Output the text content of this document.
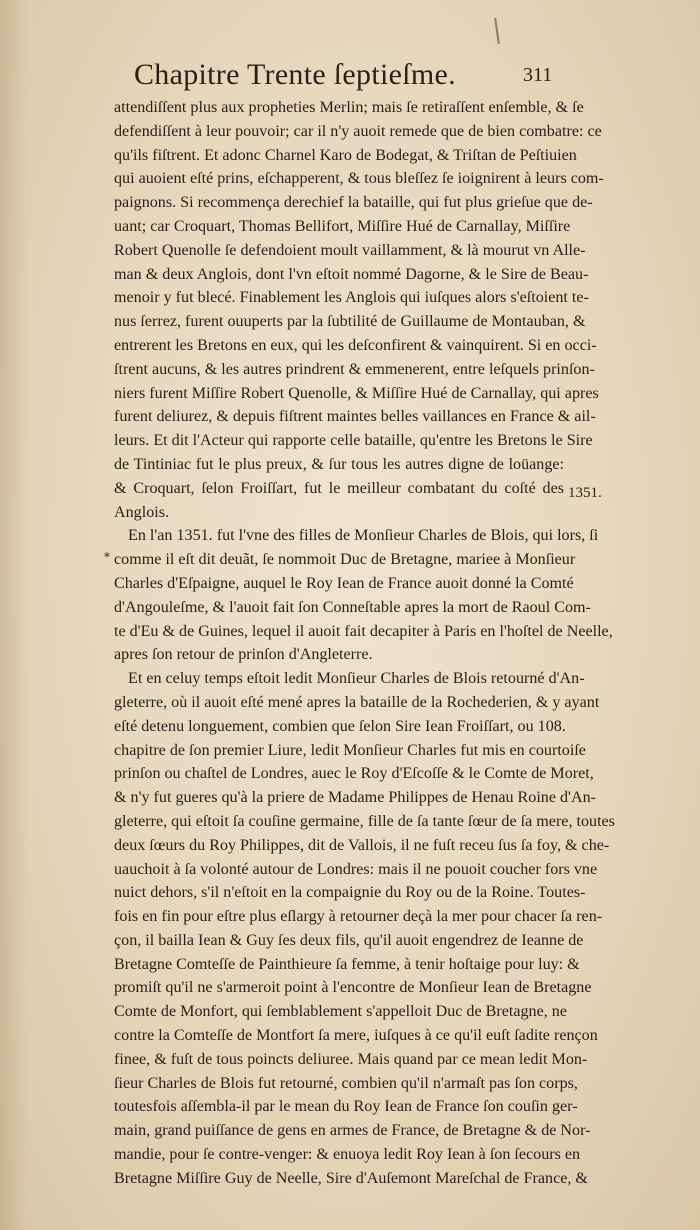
Chapitre Trente ſeptieſme.	311
attendiſſent plus aux propheties Merlin; mais ſe retiraſſent enſemble, & ſe
defendiſſent à leur pouvoir; car il n'y auoit remede que de bien combatre: ce
qu'ils fiſtrent. Et adonc Charnel Karo de Bodegat, & Triſtan de Peſtiuien
qui auoient eſté prins, eſchapperent, & tous bleſſez ſe ioignirent à leurs com-
paignons. Si recommença derechief la bataille, qui fut plus grieſue que de-
uant; car Croquart, Thomas Bellifort, Miſſire Hué de Carnallay, Miſſire
Robert Quenolle ſe defendoient moult vaillamment, & là mourut vn Alle-
man & deux Anglois, dont l'vn eſtoit nommé Dagorne, & le Sire de Beau-
menoir y fut blecé. Finablement les Anglois qui iuſques alors s'eſtoient te-
nus ſerrez, furent ouuperts par la ſubtilité de Guillaume de Montauban, &
entrerent les Bretons en eux, qui les deſconfirent & vainquirent. Si en occi-
ſtrent aucuns, & les autres prindrent & emmenerent, entre leſquels prinſon-
niers furent Miſſire Robert Quenolle, & Miſſire Hué de Carnallay, qui apres
furent deliurez, & depuis fiſtrent maintes belles vaillances en France & ail-
leurs. Et dit l'Acteur qui rapporte celle bataille, qu'entre les Bretons le Sire
de Tintiniac fut le plus preux, & ſur tous les autres digne de loüange:
& Croquart, ſelon Froiſſart, fut le meilleur combatant du coſté des
Anglois.
En l'an 1351. fut l'vne des filles de Monſieur Charles de Blois, qui lors, ſi
comme il eſt dit deuãt, ſe nommoit Duc de Bretagne, mariee à Monſieur
Charles d'Eſpaigne, auquel le Roy Iean de France auoit donné la Comté
d'Angouleſme, & l'auoit fait ſon Conneſtable apres la mort de Raoul Com-
te d'Eu & de Guines, lequel il auoit fait decapiter à Paris en l'hoſtel de Neelle,
apres ſon retour de prinſon d'Angleterre.
Et en celuy temps eſtoit ledit Monſieur Charles de Blois retourné d'An-
gleterre, où il auoit eſté mené apres la bataille de la Rochederien, & y ayant
eſté detenu longuement, combien que ſelon Sire Iean Froiſſart, ou 108.
chapitre de ſon premier Liure, ledit Monſieur Charles fut mis en courtoiſe
prinſon ou chaſtel de Londres, auec le Roy d'Eſcoſſe & le Comte de Moret,
& n'y fut gueres qu'à la priere de Madame Philippes de Henau Roine d'An-
gleterre, qui eſtoit ſa couſine germaine, fille de ſa tante ſœur de ſa mere, toutes
deux ſœurs du Roy Philippes, dit de Vallois, il ne fuſt receu ſus ſa foy, & che-
uauchoit à ſa volonté autour de Londres: mais il ne pouoit coucher fors vne
nuict dehors, s'il n'eſtoit en la compaignie du Roy ou de la Roine. Toutes-
fois en fin pour eſtre plus eſlargy à retourner deçà la mer pour chacer ſa ren-
çon, il bailla Iean & Guy ſes deux fils, qu'il auoit engendrez de Ieanne de
Bretagne Comteſſe de Painthieure ſa femme, à tenir hoſtaige pour luy: &
promiſt qu'il ne s'armeroit point à l'encontre de Monſieur Iean de Bretagne
Comte de Monfort, qui ſemblablement s'appelloit Duc de Bretagne, ne
contre la Comteſſe de Montfort ſa mere, iuſques à ce qu'il euſt ſadite rençon
finee, & fuſt de tous poincts deliuree. Mais quand par ce mean ledit Mon-
ſieur Charles de Blois fut retourné, combien qu'il n'armaſt pas ſon corps,
toutesfois aſſembla-il par le mean du Roy Iean de France ſon couſin ger-
main, grand puiſſance de gens en armes de France, de Bretagne & de Nor-
mandie, pour ſe contre-venger: & enuoya ledit Roy Iean à ſon ſecours en
Bretagne Miſſire Guy de Neelle, Sire d'Auſemont Mareſchal de France, &
1351.
*
